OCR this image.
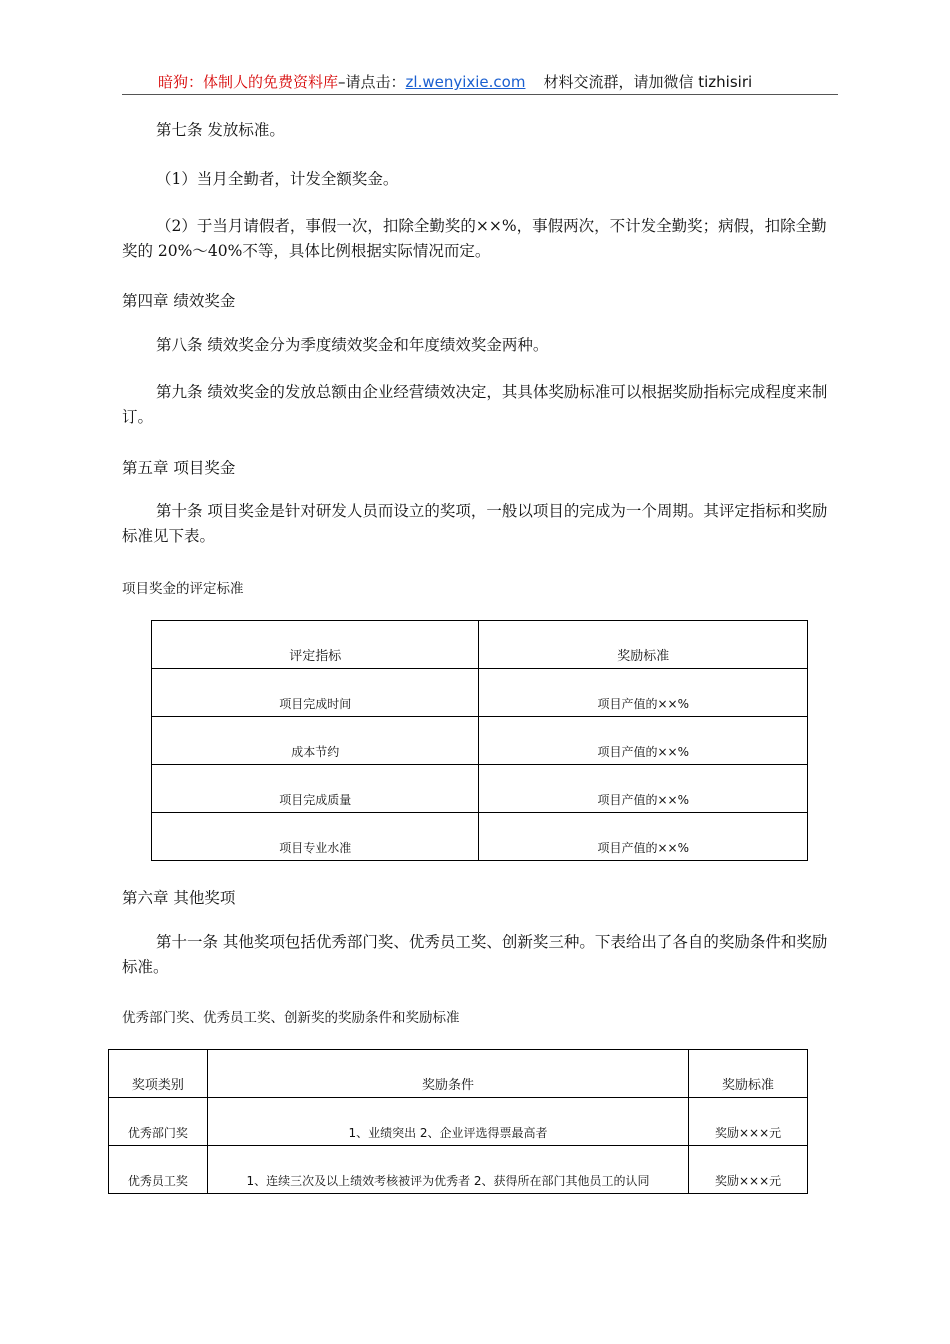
暗狗：体制人的免费资料库–请点击：zl.wenyixie.com 材料交流群，请加微信 tizhisiri
第七条 发放标准。
（1）当月全勤者，计发全额奖金。
（2）于当月请假者，事假一次，扣除全勤奖的××%，事假两次，不计发全勤奖；病假，扣除全勤奖的 20%～40%不等，具体比例根据实际情况而定。
第四章 绩效奖金
第八条 绩效奖金分为季度绩效奖金和年度绩效奖金两种。
第九条 绩效奖金的发放总额由企业经营绩效决定，其具体奖励标准可以根据奖励指标完成程度来制订。
第五章 项目奖金
第十条 项目奖金是针对研发人员而设立的奖项，一般以项目的完成为一个周期。其评定指标和奖励标准见下表。
项目奖金的评定标准
评定指标	奖励标准
项目完成时间	项目产值的××%
成本节约	项目产值的××%
项目完成质量	项目产值的××%
项目专业水准	项目产值的××%
第六章 其他奖项
第十一条 其他奖项包括优秀部门奖、优秀员工奖、创新奖三种。下表给出了各自的奖励条件和奖励标准。
优秀部门奖、优秀员工奖、创新奖的奖励条件和奖励标准
奖项类别	奖励条件	奖励标准
优秀部门奖	1、业绩突出 2、企业评选得票最高者	奖励×××元
优秀员工奖	1、连续三次及以上绩效考核被评为优秀者 2、获得所在部门其他员工的认同	奖励×××元
